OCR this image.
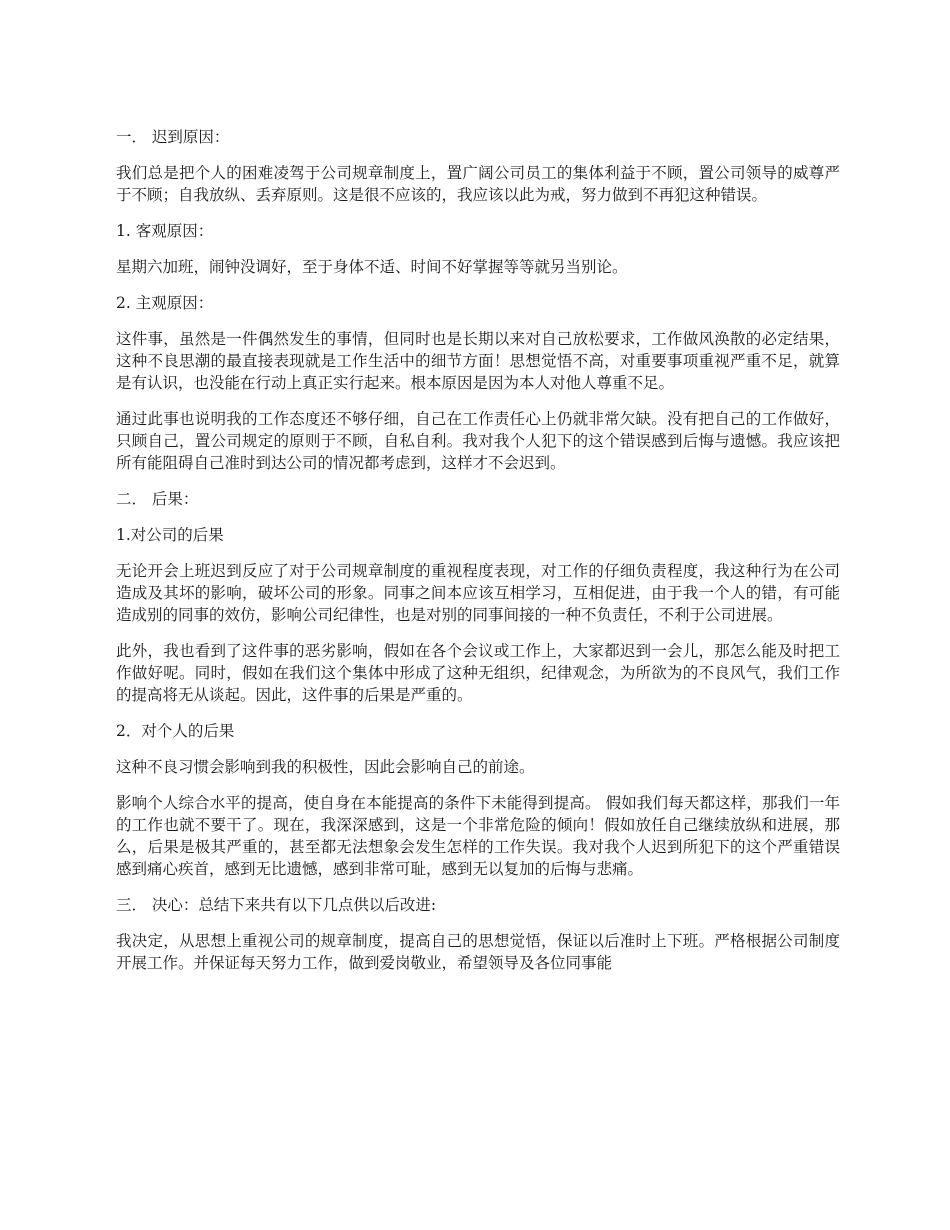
一． 迟到原因：
我们总是把个人的困难凌驾于公司规章制度上，置广阔公司员工的集体利益于不顾，置公司领导的威尊严于不顾；自我放纵、丢弃原则。这是很不应该的，我应该以此为戒，努力做到不再犯这种错误。
1. 客观原因：
星期六加班，闹钟没调好，至于身体不适、时间不好掌握等等就另当别论。
2. 主观原因：
这件事，虽然是一件偶然发生的事情，但同时也是长期以来对自己放松要求，工作做风涣散的必定结果，这种不良思潮的最直接表现就是工作生活中的细节方面！思想觉悟不高，对重要事项重视严重不足，就算是有认识，也没能在行动上真正实行起来。根本原因是因为本人对他人尊重不足。
通过此事也说明我的工作态度还不够仔细，自己在工作责任心上仍就非常欠缺。没有把自己的工作做好，只顾自己，置公司规定的原则于不顾，自私自利。我对我个人犯下的这个错误感到后悔与遗憾。我应该把所有能阻碍自己准时到达公司的情况都考虑到，这样才不会迟到。
二． 后果：
1.对公司的后果
无论开会上班迟到反应了对于公司规章制度的重视程度表现，对工作的仔细负责程度，我这种行为在公司造成及其坏的影响，破坏公司的形象。同事之间本应该互相学习，互相促进，由于我一个人的错，有可能造成别的同事的效仿，影响公司纪律性，也是对别的同事间接的一种不负责任，不利于公司进展。
此外，我也看到了这件事的恶劣影响，假如在各个会议或工作上，大家都迟到一会儿，那怎么能及时把工作做好呢。同时，假如在我们这个集体中形成了这种无组织，纪律观念，为所欲为的不良风气，我们工作的提高将无从谈起。因此，这件事的后果是严重的。
2．对个人的后果
这种不良习惯会影响到我的积极性，因此会影响自己的前途。
影响个人综合水平的提高，使自身在本能提高的条件下未能得到提高。 假如我们每天都这样，那我们一年的工作也就不要干了。现在，我深深感到，这是一个非常危险的倾向！假如放任自己继续放纵和进展，那么，后果是极其严重的，甚至都无法想象会发生怎样的工作失误。我对我个人迟到所犯下的这个严重错误感到痛心疾首，感到无比遗憾，感到非常可耻，感到无以复加的后悔与悲痛。
三． 决心：总结下来共有以下几点供以后改进:
我决定，从思想上重视公司的规章制度，提高自己的思想觉悟，保证以后准时上下班。严格根据公司制度开展工作。并保证每天努力工作，做到爱岗敬业，希望领导及各位同事能
